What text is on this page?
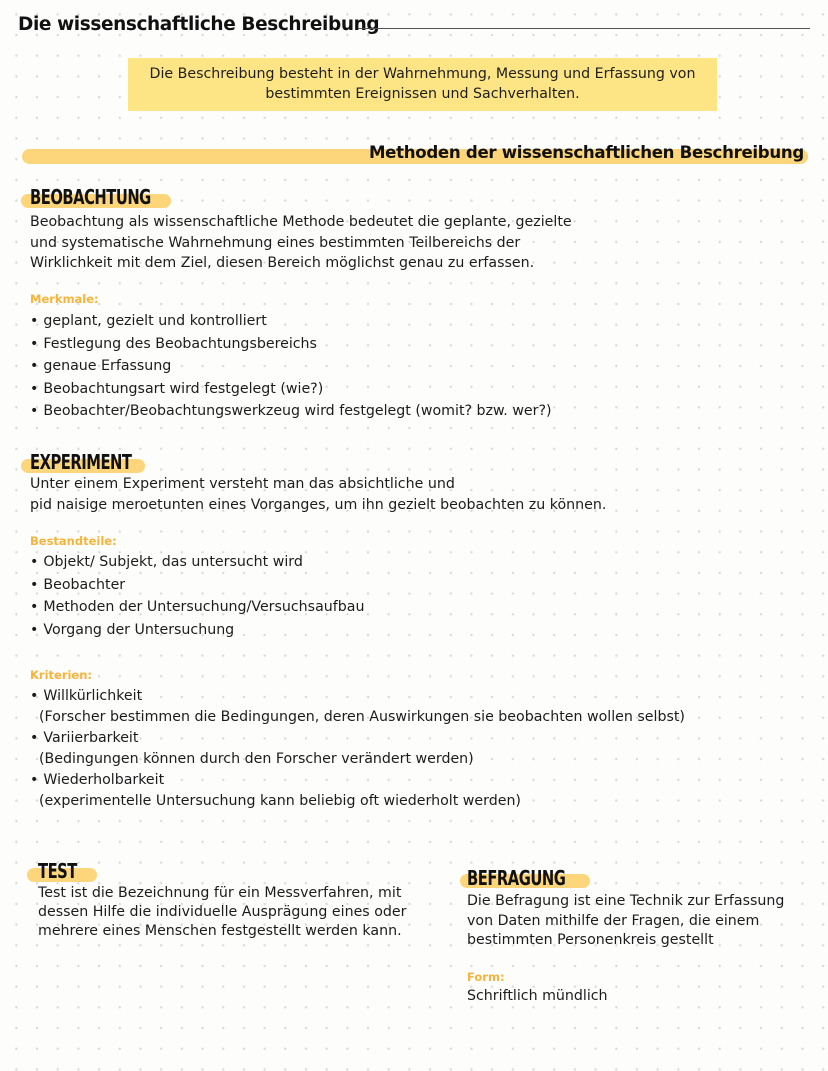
Die wissenschaftliche Beschreibung
Die Beschreibung besteht in der Wahrnehmung, Messung und Erfassung von
bestimmten Ereignissen und Sachverhalten.
Methoden der wissenschaftlichen Beschreibung
BEOBACHTUNG
Beobachtung als wissenschaftliche Methode bedeutet die geplante, gezielte
und systematische Wahrnehmung eines bestimmten Teilbereichs der
Wirklichkeit mit dem Ziel, diesen Bereich möglichst genau zu erfassen.
Merkmale:
• geplant, gezielt und kontrolliert
• Festlegung des Beobachtungsbereichs
• genaue Erfassung
• Beobachtungsart wird festgelegt (wie?)
• Beobachter/Beobachtungswerkzeug wird festgelegt (womit? bzw. wer?)
EXPERIMENT
Unter einem Experiment versteht man das absichtliche und
pid naisige meroetunten eines Vorganges, um ihn gezielt beobachten zu können.
Bestandteile:
• Objekt/ Subjekt, das untersucht wird
• Beobachter
• Methoden der Untersuchung/Versuchsaufbau
• Vorgang der Untersuchung
Kriterien:
• Willkürlichkeit
(Forscher bestimmen die Bedingungen, deren Auswirkungen sie beobachten wollen selbst)
• Variierbarkeit
(Bedingungen können durch den Forscher verändert werden)
• Wiederholbarkeit
(experimentelle Untersuchung kann beliebig oft wiederholt werden)
TEST
Test ist die Bezeichnung für ein Messverfahren, mit
dessen Hilfe die individuelle Ausprägung eines oder
mehrere eines Menschen festgestellt werden kann.
BEFRAGUNG
Die Befragung ist eine Technik zur Erfassung
von Daten mithilfe der Fragen, die einem
bestimmten Personenkreis gestellt
Form:
Schriftlich mündlich
